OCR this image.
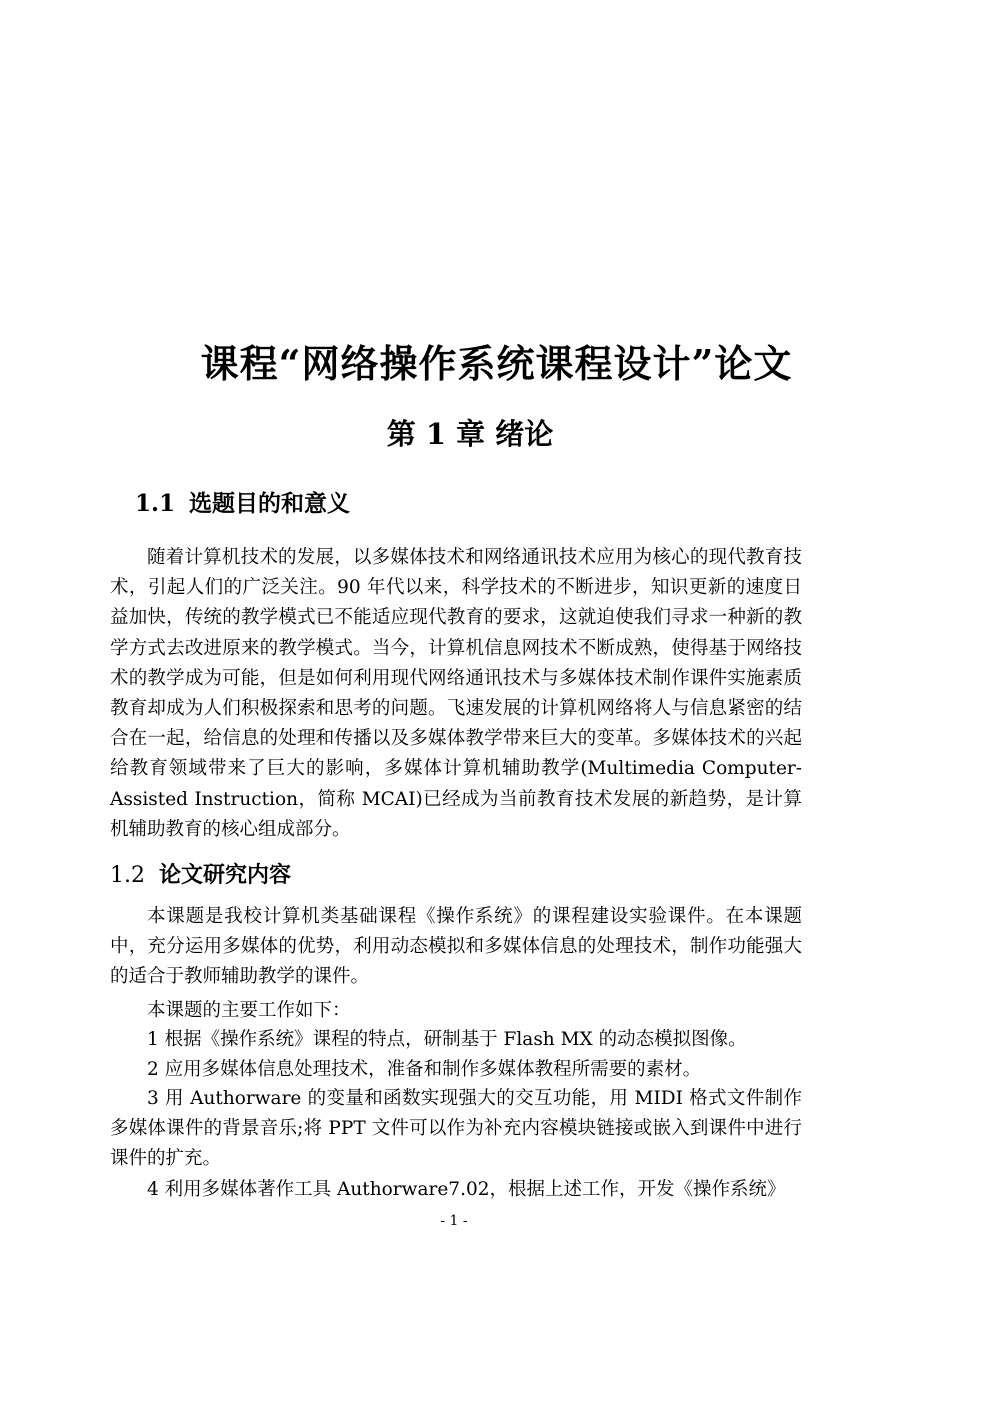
课程“网络操作系统课程设计”论文
第 1 章 绪论
1.1 选题目的和意义

随着计算机技术的发展，以多媒体技术和网络通讯技术应用为核心的现代教育技术，引起人们的广泛关注。90 年代以来，科学技术的不断进步，知识更新的速度日益加快，传统的教学模式已不能适应现代教育的要求，这就迫使我们寻求一种新的教学方式去改进原来的教学模式。当今，计算机信息网技术不断成熟，使得基于网络技术的教学成为可能，但是如何利用现代网络通讯技术与多媒体技术制作课件实施素质教育却成为人们积极探索和思考的问题。飞速发展的计算机网络将人与信息紧密的结合在一起，给信息的处理和传播以及多媒体教学带来巨大的变革。多媒体技术的兴起给教育领域带来了巨大的影响，多媒体计算机辅助教学(Multimedia Computer-Assisted Instruction，简称 MCAI)已经成为当前教育技术发展的新趋势，是计算机辅助教育的核心组成部分。

1.2 论文研究内容

本课题是我校计算机类基础课程《操作系统》的课程建设实验课件。在本课题中，充分运用多媒体的优势，利用动态模拟和多媒体信息的处理技术，制作功能强大的适合于教师辅助教学的课件。

本课题的主要工作如下：

1 根据《操作系统》课程的特点，研制基于 Flash MX 的动态模拟图像。

2 应用多媒体信息处理技术，准备和制作多媒体教程所需要的素材。

3 用 Authorware 的变量和函数实现强大的交互功能，用 MIDI 格式文件制作多媒体课件的背景音乐;将 PPT 文件可以作为补充内容模块链接或嵌入到课件中进行课件的扩充。

4 利用多媒体著作工具 Authorware7.02，根据上述工作，开发《操作系统》

- 1 -
